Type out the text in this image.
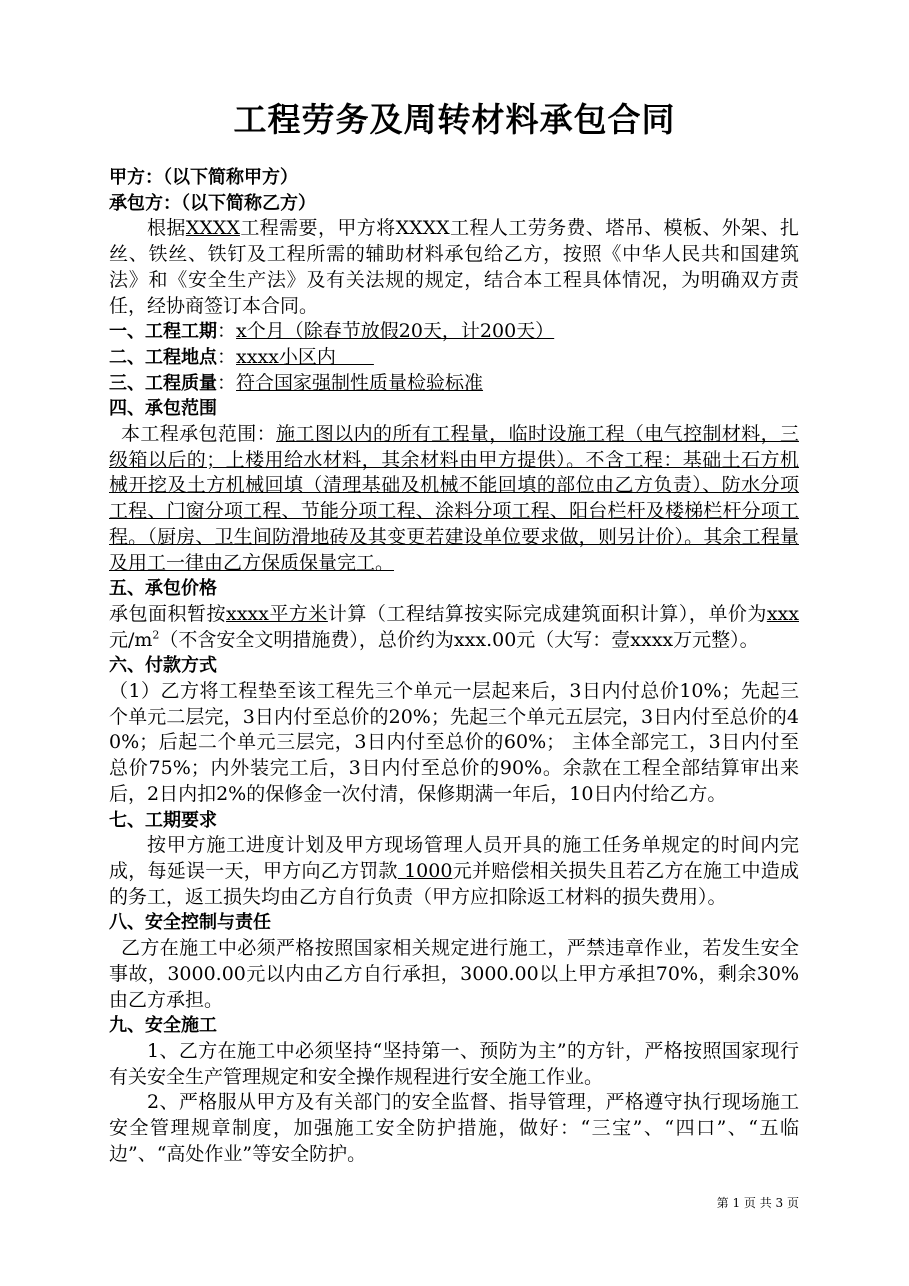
工程劳务及周转材料承包合同

甲方：（以下简称甲方）

承包方：（以下简称乙方）

根据XXXX工程需要，甲方将XXXX工程人工劳务费、塔吊、模板、外架、扎丝、铁丝、铁钉及工程所需的辅助材料承包给乙方，按照《中华人民共和国建筑法》和《安全生产法》及有关法规的规定，结合本工程具体情况，为明确双方责任，经协商签订本合同。

一、工程工期：x个月（除春节放假20天，计200天）

二、工程地点：xxxx小区内　　

三、工程质量：符合国家强制性质量检验标准

四、承包范围

本工程承包范围：施工图以内的所有工程量，临时设施工程（电气控制材料，三级箱以后的；上楼用给水材料，其余材料由甲方提供）。不含工程：基础土石方机械开挖及土方机械回填（清理基础及机械不能回填的部位由乙方负责）、防水分项工程、门窗分项工程、节能分项工程、涂料分项工程、阳台栏杆及楼梯栏杆分项工程。（厨房、卫生间防滑地砖及其变更若建设单位要求做，则另计价）。其余工程量及用工一律由乙方保质保量完工。

五、承包价格

承包面积暂按xxxx平方米计算（工程结算按实际完成建筑面积计算），单价为xxx元$/m^2$（不含安全文明措施费），总价约为xxx.00元（大写：壹xxxx万元整）。

六、付款方式

（1）乙方将工程垫至该工程先三个单元一层起来后，3日内付总价10%；先起三个单元二层完，3日内付至总价的20%；先起三个单元五层完，3日内付至总价的40%；后起二个单元三层完，3日内付至总价的60%； 主体全部完工，3日内付至总价75%；内外装完工后，3日内付至总价的90%。余款在工程全部结算审出来后，2日内扣2%的保修金一次付清，保修期满一年后，10日内付给乙方。

七、工期要求

按甲方施工进度计划及甲方现场管理人员开具的施工任务单规定的时间内完成，每延误一天，甲方向乙方罚款 1000元并赔偿相关损失且若乙方在施工中造成的务工，返工损失均由乙方自行负责（甲方应扣除返工材料的损失费用）。

八、安全控制与责任

乙方在施工中必须严格按照国家相关规定进行施工，严禁违章作业，若发生安全事故，3000.00元以内由乙方自行承担，3000.00以上甲方承担70%，剩余30%由乙方承担。

九、安全施工

1、乙方在施工中必须坚持“坚持第一、预防为主”的方针，严格按照国家现行有关安全生产管理规定和安全操作规程进行安全施工作业。

2、严格服从甲方及有关部门的安全监督、指导管理，严格遵守执行现场施工安全管理规章制度，加强施工安全防护措施，做好：“三宝”、“四口”、“五临边”、“高处作业”等安全防护。

第 1 页 共 3 页
